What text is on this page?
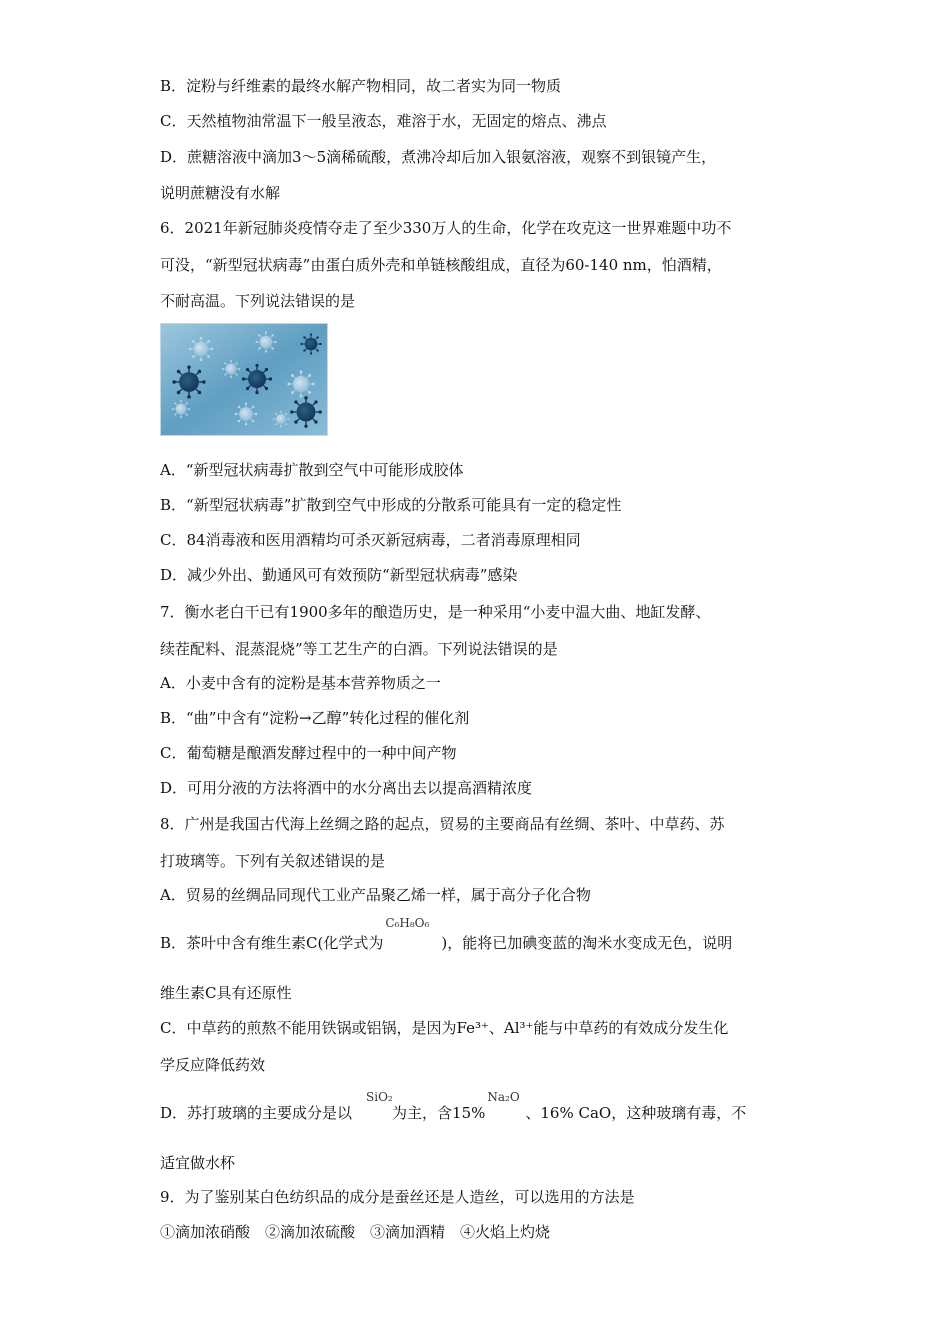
B．淀粉与纤维素的最终水解产物相同，故二者实为同一物质
C．天然植物油常温下一般呈液态，难溶于水，无固定的熔点、沸点
D．蔗糖溶液中滴加3～5滴稀硫酸，煮沸冷却后加入银氨溶液，观察不到银镜产生，
说明蔗糖没有水解
6．2021年新冠肺炎疫情夺走了至少330万人的生命，化学在攻克这一世界难题中功不
可没，“新型冠状病毒”由蛋白质外壳和单链核酸组成，直径为60-140 nm，怕酒精，
不耐高温。下列说法错误的是
A．“新型冠状病毒扩散到空气中可能形成胶体
B．“新型冠状病毒”扩散到空气中形成的分散系可能具有一定的稳定性
C．84消毒液和医用酒精均可杀灭新冠病毒，二者消毒原理相同
D．减少外出、勤通风可有效预防“新型冠状病毒”感染
7．衡水老白干已有1900多年的酿造历史，是一种采用“小麦中温大曲、地缸发酵、
续茬配料、混蒸混烧”等工艺生产的白酒。下列说法错误的是
A．小麦中含有的淀粉是基本营养物质之一
B．“曲”中含有“淀粉→乙醇”转化过程的催化剂
C．葡萄糖是酿酒发酵过程中的一种中间产物
D．可用分液的方法将酒中的水分离出去以提高酒精浓度
8．广州是我国古代海上丝绸之路的起点，贸易的主要商品有丝绸、茶叶、中草药、苏
打玻璃等。下列有关叙述错误的是
A．贸易的丝绸品同现代工业产品聚乙烯一样，属于高分子化合物
B．茶叶中含有维生素C(化学式为
C₆H₈O₆
)，能将已加碘变蓝的淘米水变成无色，说明
维生素C具有还原性
C．中草药的煎熬不能用铁锅或铝锅，是因为Fe³⁺、Al³⁺能与中草药的有效成分发生化
学反应降低药效
D．苏打玻璃的主要成分是以
SiO₂
为主，含15%
Na₂O
、16% CaO，这种玻璃有毒，不
适宜做水杯
9．为了鉴别某白色纺织品的成分是蚕丝还是人造丝，可以选用的方法是
①滴加浓硝酸　②滴加浓硫酸　③滴加酒精　④火焰上灼烧
